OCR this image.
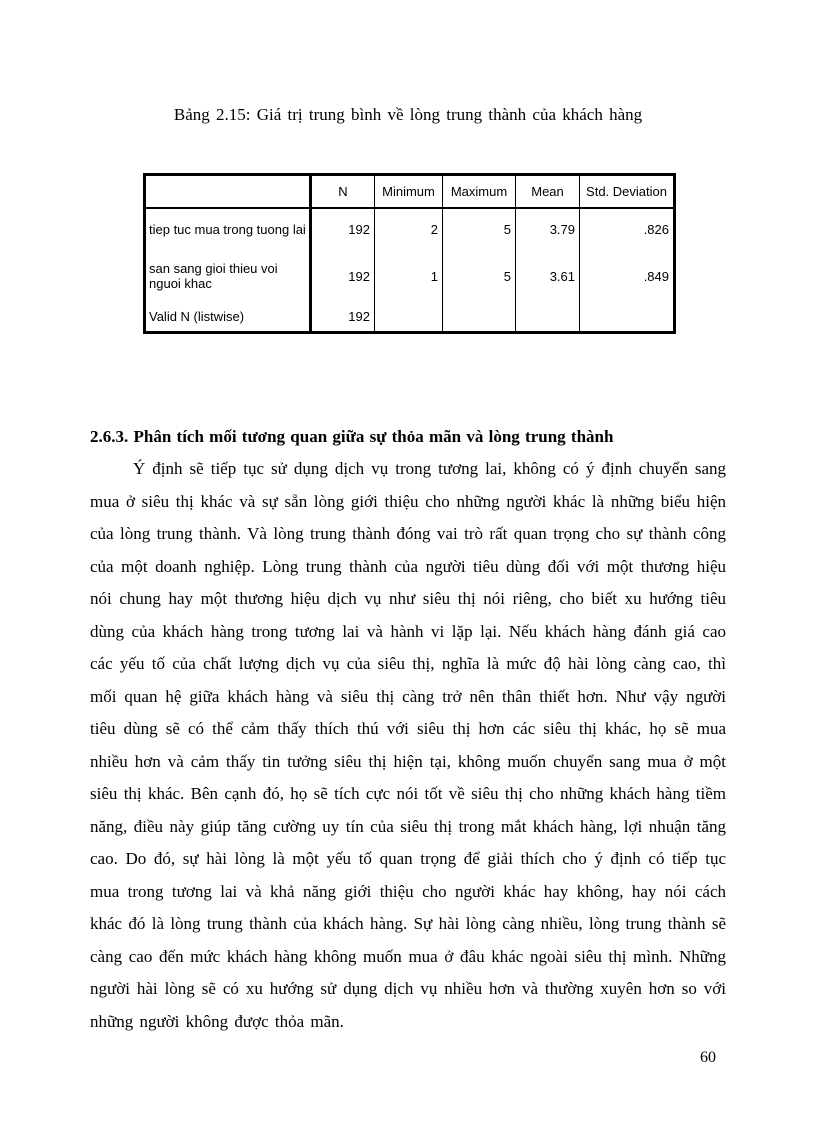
Bảng 2.15: Giá trị trung bình về lòng trung thành của khách hàng
	N	Minimum	Maximum	Mean	Std. Deviation
tiep tuc mua trong tuong lai	192	2	5	3.79	.826
san sang gioi thieu voi nguoi khac	192	1	5	3.61	.849
Valid N (listwise)	192				
2.6.3. Phân tích mối tương quan giữa sự thỏa mãn và lòng trung thành

Ý định sẽ tiếp tục sử dụng dịch vụ trong tương lai, không có ý định chuyển sang mua ở siêu thị khác và sự sẵn lòng giới thiệu cho những người khác là những biểu hiện của lòng trung thành. Và lòng trung thành đóng vai trò rất quan trọng cho sự thành công của một doanh nghiệp. Lòng trung thành của người tiêu dùng đối với một thương hiệu nói chung hay một thương hiệu dịch vụ như siêu thị nói riêng, cho biết xu hướng tiêu dùng của khách hàng trong tương lai và hành vi lặp lại. Nếu khách hàng đánh giá cao các yếu tố của chất lượng dịch vụ của siêu thị, nghĩa là mức độ hài lòng càng cao, thì mối quan hệ giữa khách hàng và siêu thị càng trở nên thân thiết hơn. Như vậy người tiêu dùng sẽ có thể cảm thấy thích thú với siêu thị hơn các siêu thị khác, họ sẽ mua nhiều hơn và cảm thấy tin tưởng siêu thị hiện tại, không muốn chuyển sang mua ở một siêu thị khác. Bên cạnh đó, họ sẽ tích cực nói tốt về siêu thị cho những khách hàng tiềm năng, điều này giúp tăng cường uy tín của siêu thị trong mắt khách hàng, lợi nhuận tăng cao. Do đó, sự hài lòng là một yếu tố quan trọng để giải thích cho ý định có tiếp tục mua trong tương lai và khả năng giới thiệu cho người khác hay không, hay nói cách khác đó là lòng trung thành của khách hàng. Sự hài lòng càng nhiều, lòng trung thành sẽ càng cao đến mức khách hàng không muốn mua ở đâu khác ngoài siêu thị mình. Những người hài lòng sẽ có xu hướng sử dụng dịch vụ nhiều hơn và thường xuyên hơn so với những người không được thỏa mãn.

60
